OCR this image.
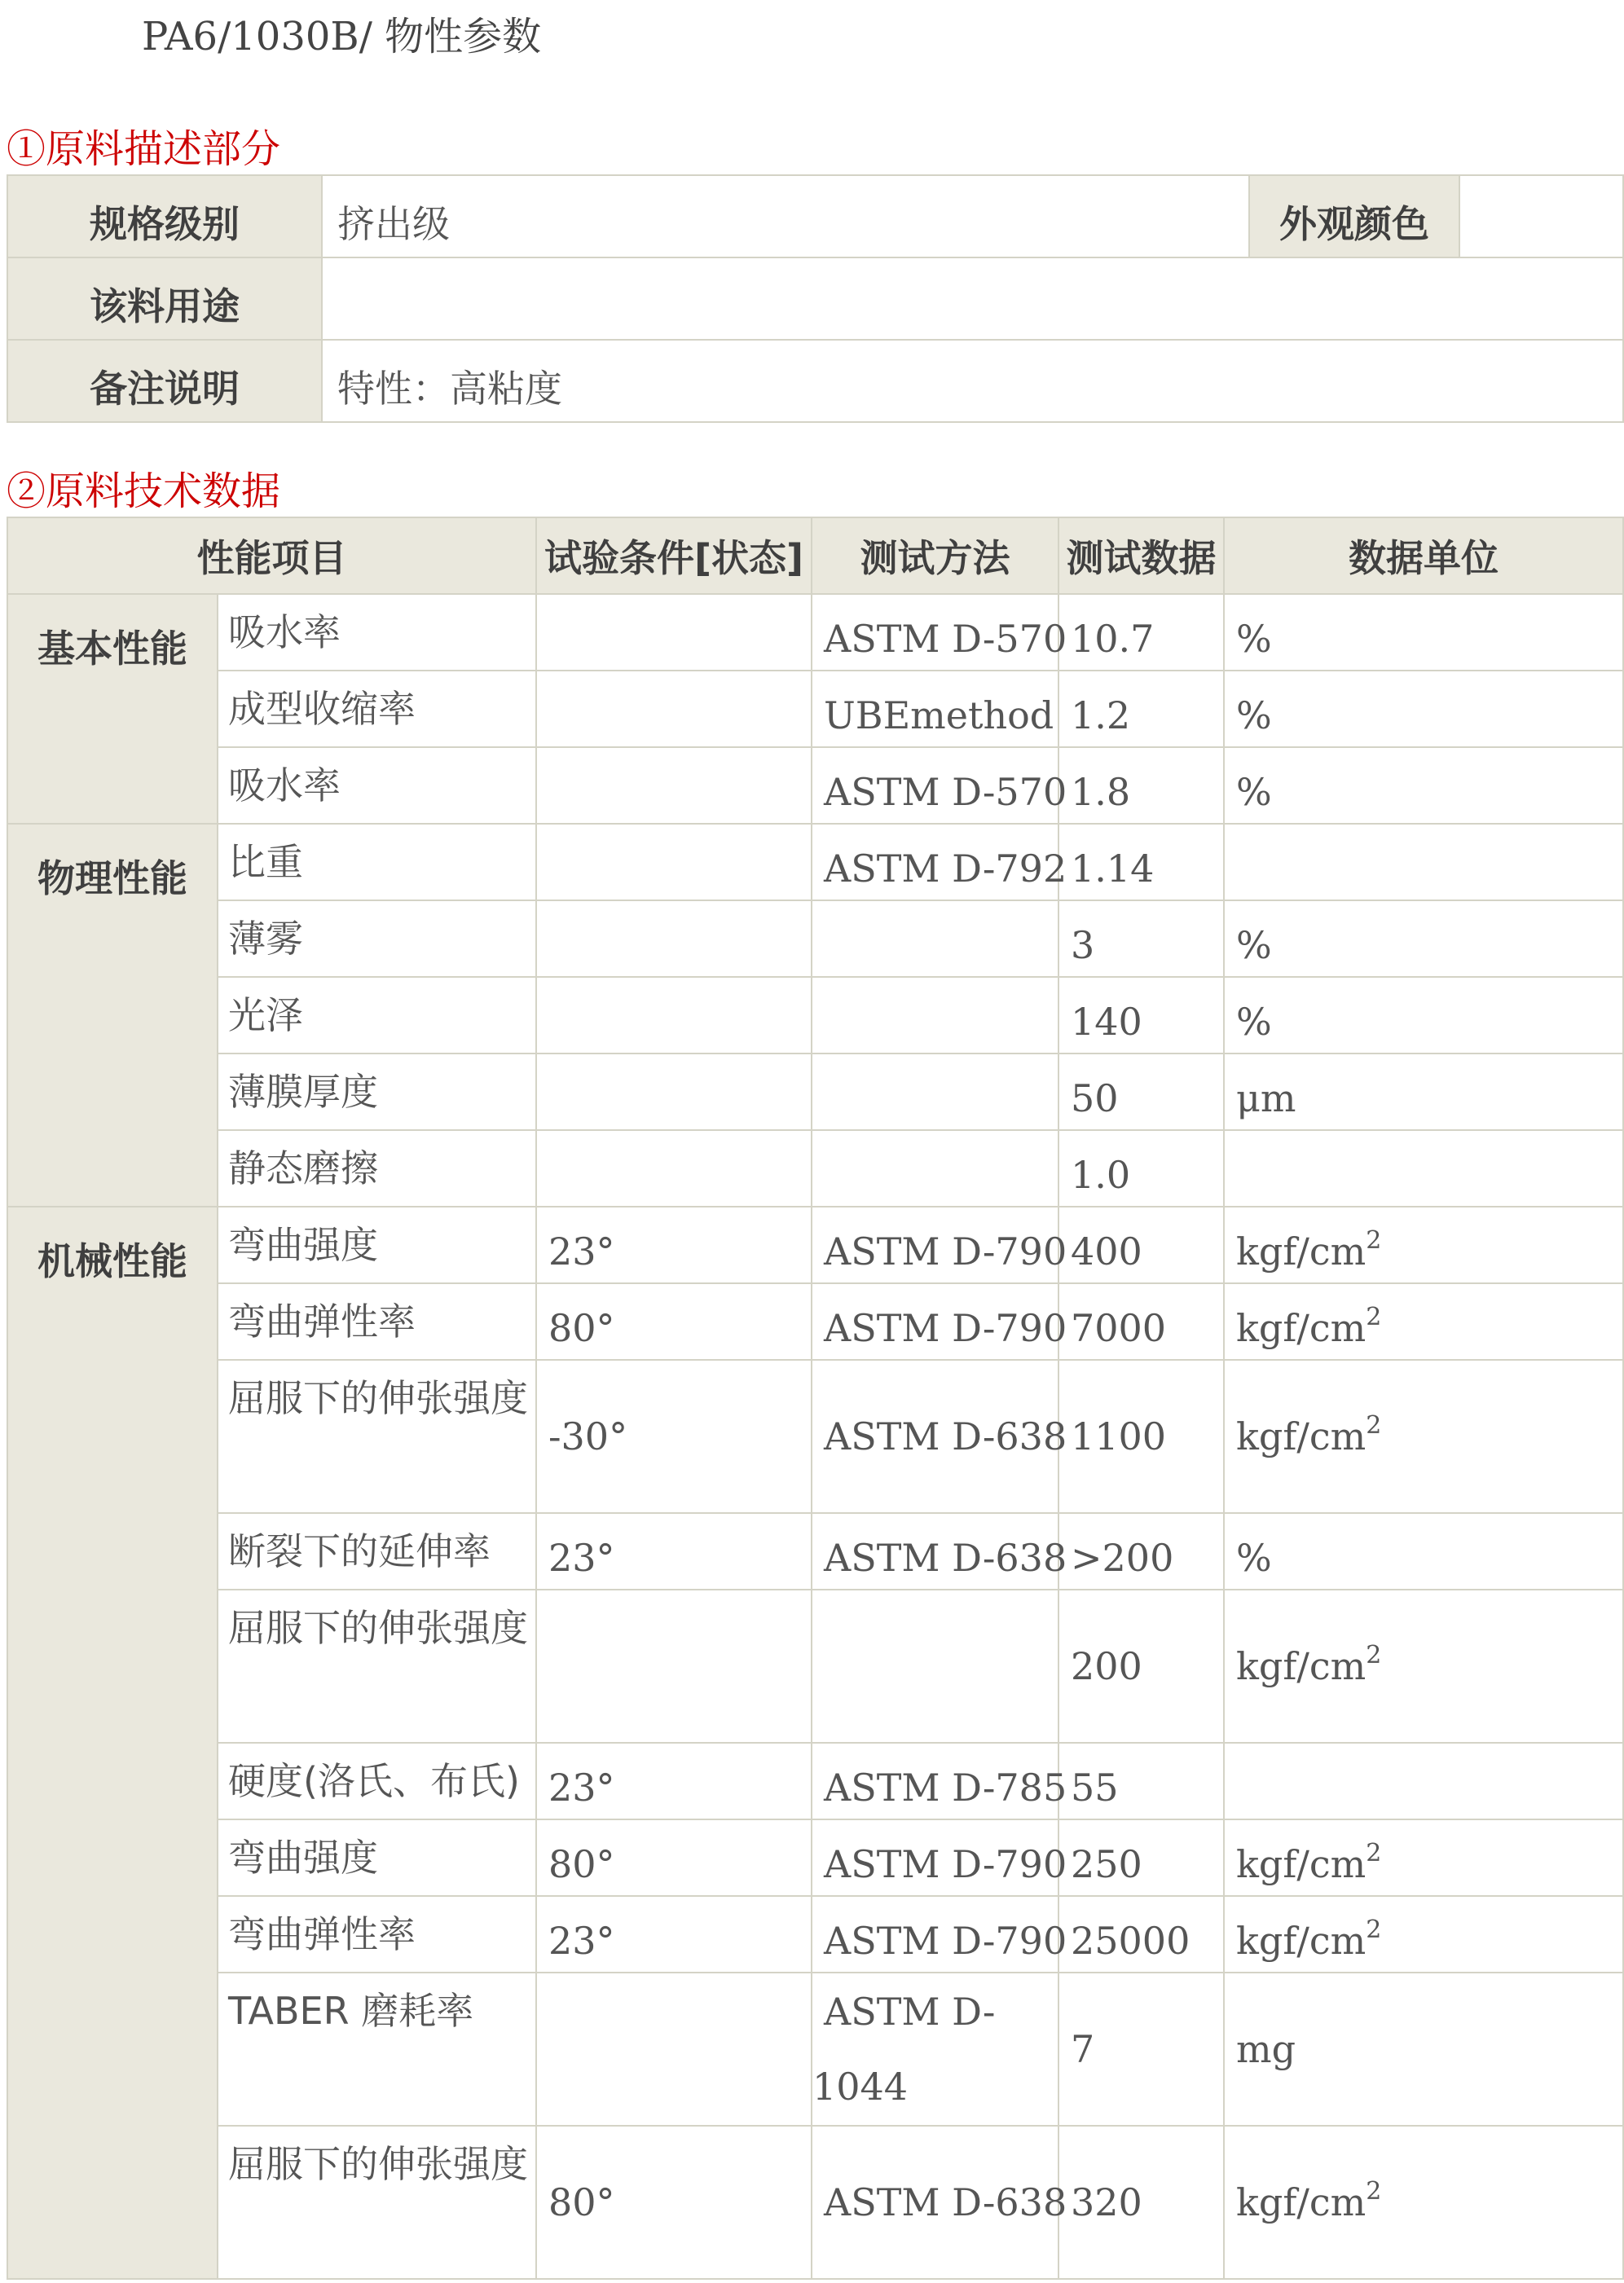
PA6/1030B/ 物性参数
①原料描述部分
规格级别	挤出级	外观颜色	
该料用途			
备注说明	特性：高粘度		
②原料技术数据
性能项目		试验条件[状态]	测试方法	测试数据	数据单位
基本性能	吸水率		ASTM D-570	10.7	%
	成型收缩率		UBEmethod	1.2	%
	吸水率		ASTM D-570	1.8	%
物理性能	比重		ASTM D-792	1.14	
	薄雾			3	%
	光泽			140	%
	薄膜厚度			50	μm
	静态磨擦			1.0	
机械性能	弯曲强度	23°	ASTM D-790	400	kgf/$cm^2$
	弯曲弹性率	80°	ASTM D-790	7000	kgf/$cm^2$
	屈服下的伸张强度	-30°	ASTM D-638	1100	kgf/$cm^2$
	断裂下的延伸率	23°	ASTM D-638	>200	%
	屈服下的伸张强度			200	kgf/$cm^2$
	硬度(洛氏、布氏)	23°	ASTM D-785	55	
	弯曲强度	80°	ASTM D-790	250	kgf/$cm^2$
	弯曲弹性率	23°	ASTM D-790	25000	kgf/$cm^2$
	TABER 磨耗率		ASTM D-1044	7	mg
	屈服下的伸张强度	80°	ASTM D-638	320	kgf/$cm^2$
